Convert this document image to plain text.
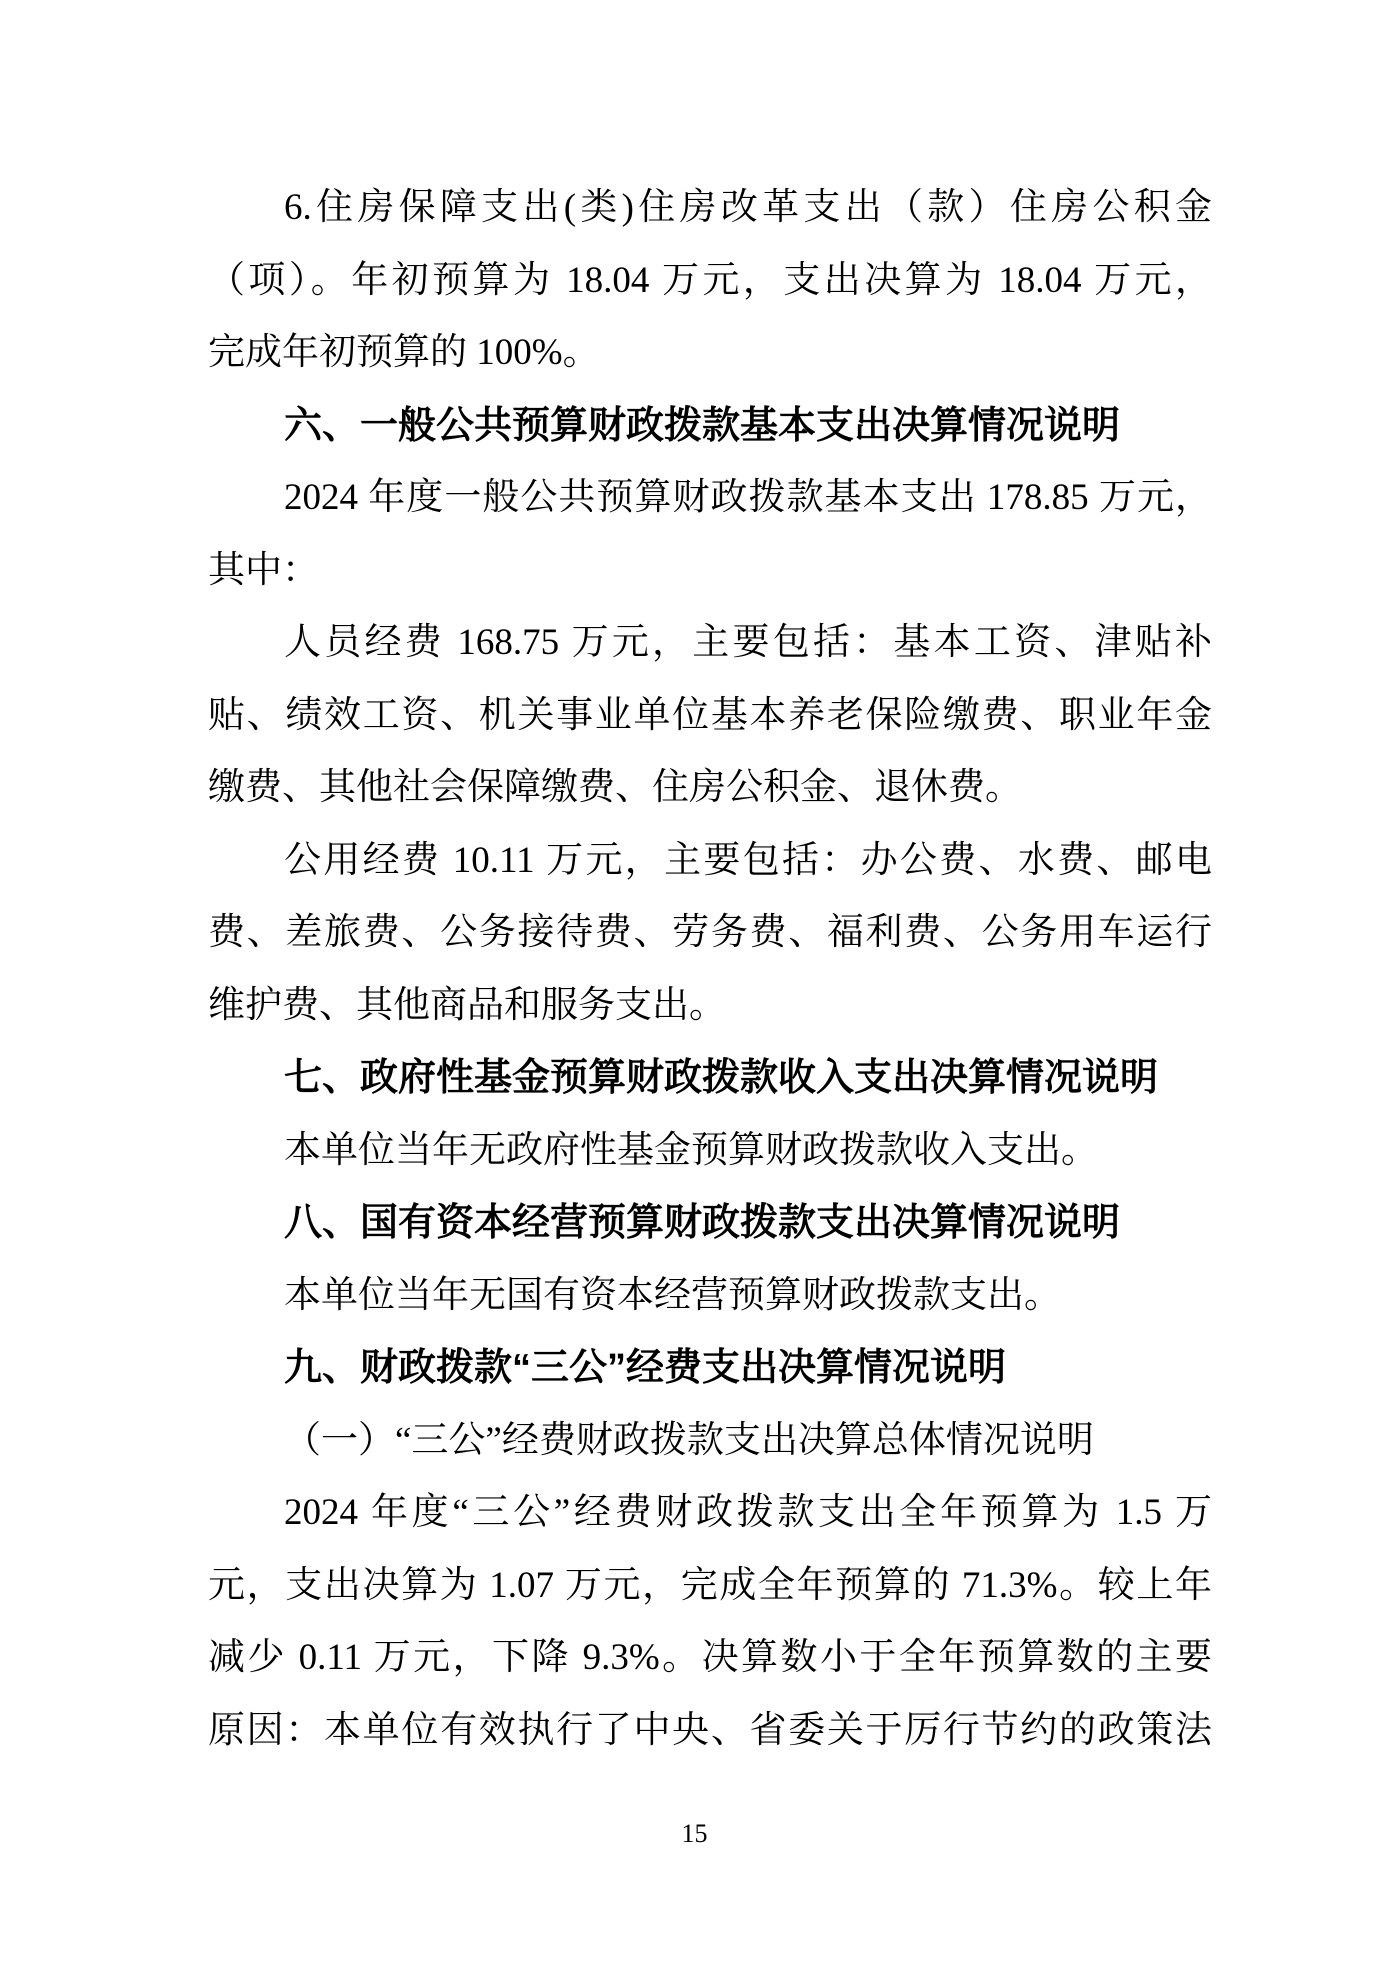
6.住房保障支出(类)住房改革支出（款）住房公积金

（项）。年初预算为 18.04 万元，支出决算为 18.04 万元，

完成年初预算的 100%。

六、一般公共预算财政拨款基本支出决算情况说明

2024 年度一般公共预算财政拨款基本支出 178.85 万元，

其中：

人员经费 168.75 万元，主要包括：基本工资、津贴补

贴、绩效工资、机关事业单位基本养老保险缴费、职业年金

缴费、其他社会保障缴费、住房公积金、退休费。

公用经费 10.11 万元，主要包括：办公费、水费、邮电

费、差旅费、公务接待费、劳务费、福利费、公务用车运行

维护费、其他商品和服务支出。

七、政府性基金预算财政拨款收入支出决算情况说明

本单位当年无政府性基金预算财政拨款收入支出。

八、国有资本经营预算财政拨款支出决算情况说明

本单位当年无国有资本经营预算财政拨款支出。

九、财政拨款“三公”经费支出决算情况说明

（一）“三公”经费财政拨款支出决算总体情况说明

2024 年度“三公”经费财政拨款支出全年预算为 1.5 万

元，支出决算为 1.07 万元，完成全年预算的 71.3%。较上年

减少 0.11 万元，下降 9.3%。决算数小于全年预算数的主要

原因：本单位有效执行了中央、省委关于厉行节约的政策法

15
